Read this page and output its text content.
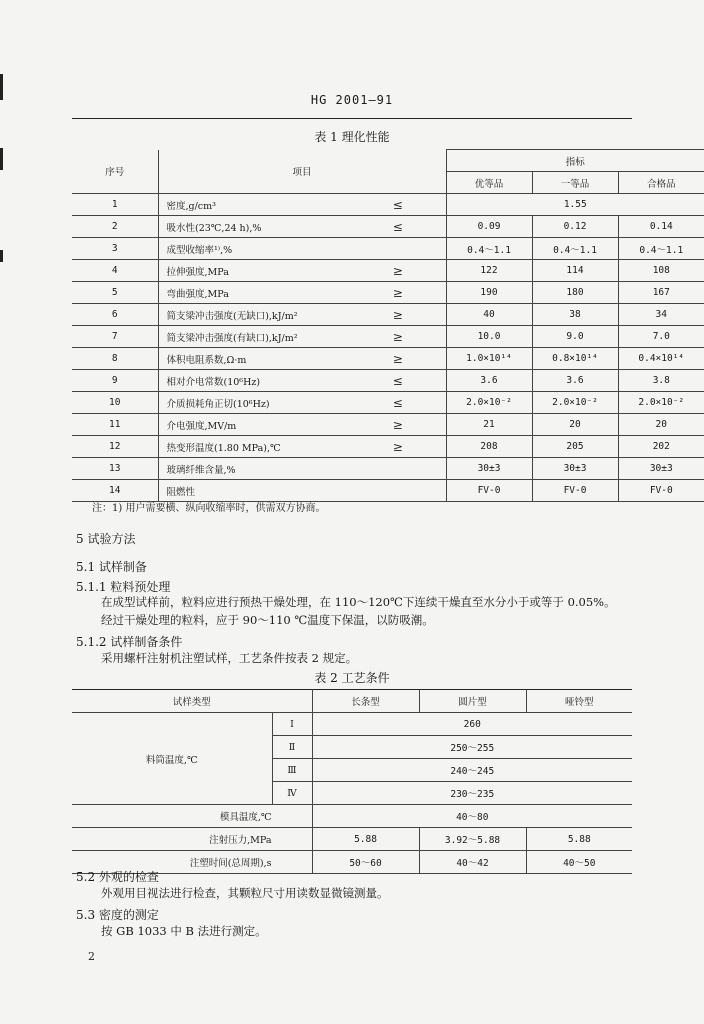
HG 2001—91
表 1 理化性能
序号	项目		指标		
			优等品	一等品	合格品
1	密度,g/cm³	≤	1.55		
2	吸水性(23℃,24 h),%	≤	0.09	0.12	0.14
3	成型收缩率¹⁾,%		0.4～1.1	0.4～1.1	0.4～1.1
4	拉伸强度,MPa	≥	122	114	108
5	弯曲强度,MPa	≥	190	180	167
6	简支梁冲击强度(无缺口),kJ/m²	≥	40	38	34
7	简支梁冲击强度(有缺口),kJ/m²	≥	10.0	9.0	7.0
8	体积电阻系数,Ω·m	≥	1.0×10¹⁴	0.8×10¹⁴	0.4×10¹⁴
9	相对介电常数(10⁶Hz)	≤	3.6	3.6	3.8
10	介质损耗角正切(10⁶Hz)	≤	2.0×10⁻²	2.0×10⁻²	2.0×10⁻²
11	介电强度,MV/m	≥	21	20	20
12	热变形温度(1.80 MPa),℃	≥	208	205	202
13	玻璃纤维含量,%		30±3	30±3	30±3
14	阻燃性		FV-0	FV-0	FV-0
注：1) 用户需要横、纵向收缩率时，供需双方协商。
5 试验方法
5.1 试样制备
5.1.1 粒料预处理
在成型试样前，粒料应进行预热干燥处理，在 110～120℃下连续干燥直至水分小于或等于 0.05%。
经过干燥处理的粒料，应于 90～110 ℃温度下保温，以防吸潮。
5.1.2 试样制备条件
采用螺杆注射机注塑试样，工艺条件按表 2 规定。
表 2 工艺条件
试样类型		长条型	圆片型	哑铃型
料筒温度,℃	Ⅰ	260		
	Ⅱ	250～255		
	Ⅲ	240～245		
	Ⅳ	230～235		
模具温度,℃		40～80		
注射压力,MPa		5.88	3.92～5.88	5.88
注塑时间(总周期),s		50～60	40～42	40～50
5.2 外观的检查
外观用目视法进行检查，其颗粒尺寸用读数显微镜测量。
5.3 密度的测定
按 GB 1033 中 B 法进行测定。
2
